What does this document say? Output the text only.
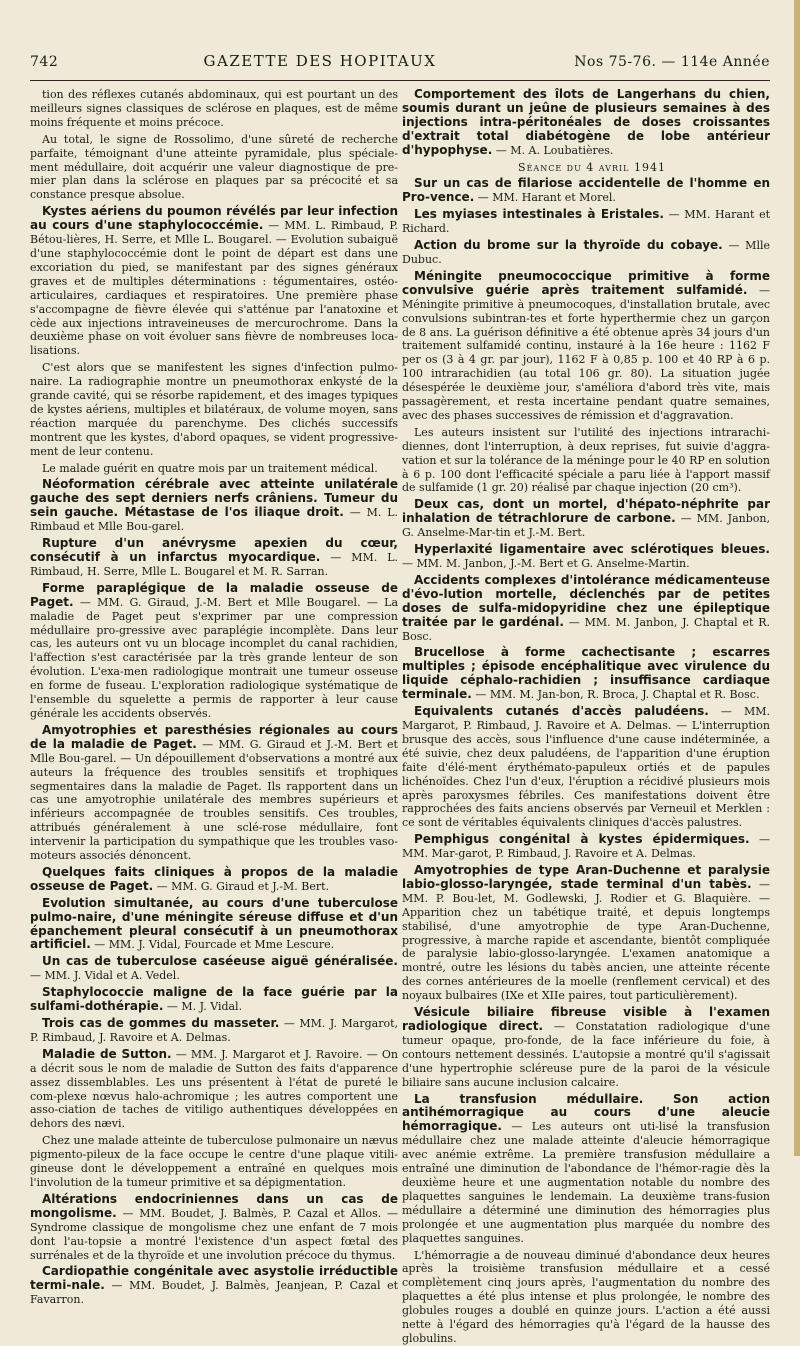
742	GAZETTE DES HOPITAUX	Nos 75-76. — 114e Année

tion des réflexes cutanés abdominaux, qui est pourtant un des meilleurs signes classiques de sclérose en plaques, est de même moins fréquente et moins précoce.

Au total, le signe de Rossolimo, d'une sûreté de recherche parfaite, témoignant d'une atteinte pyramidale, plus spéciale-ment médullaire, doit acquérir une valeur diagnostique de pre-mier plan dans la sclérose en plaques par sa précocité et sa constance presque absolue.

Kystes aériens du poumon révélés par leur infection au cours d'une staphylococcémie. — MM. L. Rimbaud, P. Bétou-lières, H. Serre, et Mlle L. Bougarel. — Evolution subaiguë d'une staphylococcémie dont le point de départ est dans une excoriation du pied, se manifestant par des signes généraux graves et de multiples déterminations : tégumentaires, ostéo-articulaires, cardiaques et respiratoires. Une première phase s'accompagne de fièvre élevée qui s'atténue par l'anatoxine et cède aux injections intraveineuses de mercurochrome. Dans la deuxième phase on voit évoluer sans fièvre de nombreuses loca-lisations.

C'est alors que se manifestent les signes d'infection pulmo-naire. La radiographie montre un pneumothorax enkysté de la grande cavité, qui se résorbe rapidement, et des images typiques de kystes aériens, multiples et bilatéraux, de volume moyen, sans réaction marquée du parenchyme. Des clichés successifs montrent que les kystes, d'abord opaques, se vident progressive-ment de leur contenu.

Le malade guérit en quatre mois par un traitement médical.

Néoformation cérébrale avec atteinte unilatérale gauche des sept derniers nerfs crâniens. Tumeur du sein gauche. Métastase de l'os iliaque droit. — M. L. Rimbaud et Mlle Bou-garel.

Rupture d'un anévrysme apexien du cœur, consécutif à un infarctus myocardique. — MM. L. Rimbaud, H. Serre, Mlle L. Bougarel et M. R. Sarran.

Forme paraplégique de la maladie osseuse de Paget. — MM. G. Giraud, J.-M. Bert et Mlle Bougarel. — La maladie de Paget peut s'exprimer par une compression médullaire pro-gressive avec paraplégie incomplète. Dans leur cas, les auteurs ont vu un blocage incomplet du canal rachidien, l'affection s'est caractérisée par la très grande lenteur de son évolution. L'exa-men radiologique montrait une tumeur osseuse en forme de fuseau. L'exploration radiologique systématique de l'ensemble du squelette a permis de rapporter à leur cause générale les accidents observés.

Amyotrophies et paresthésies régionales au cours de la maladie de Paget. — MM. G. Giraud et J.-M. Bert et Mlle Bou-garel. — Un dépouillement d'observations a montré aux auteurs la fréquence des troubles sensitifs et trophiques segmentaires dans la maladie de Paget. Ils rapportent dans un cas une amyotrophie unilatérale des membres supérieurs et inférieurs accompagnée de troubles sensitifs. Ces troubles, attribués généralement à une sclé-rose médullaire, font intervenir la participation du sympathique que les troubles vaso-moteurs associés dénoncent.

Quelques faits cliniques à propos de la maladie osseuse de Paget. — MM. G. Giraud et J.-M. Bert.

Evolution simultanée, au cours d'une tuberculose pulmo-naire, d'une méningite séreuse diffuse et d'un épanchement pleural consécutif à un pneumothorax artificiel. — MM. J. Vidal, Fourcade et Mme Lescure.

Un cas de tuberculose caséeuse aiguë généralisée. — MM. J. Vidal et A. Vedel.

Staphylococcie maligne de la face guérie par la sulfami-dothérapie. — M. J. Vidal.

Trois cas de gommes du masseter. — MM. J. Margarot, P. Rimbaud, J. Ravoire et A. Delmas.

Maladie de Sutton. — MM. J. Margarot et J. Ravoire. — On a décrit sous le nom de maladie de Sutton des faits d'apparence assez dissemblables. Les uns présentent à l'état de pureté le com-plexe nœvus halo-achromique ; les autres comportent une asso-ciation de taches de vitiligo authentiques développées en dehors des nævi.

Chez une malade atteinte de tuberculose pulmonaire un nævus pigmento-pileux de la face occupe le centre d'une plaque vitili-gineuse dont le développement a entraîné en quelques mois l'involution de la tumeur primitive et sa dépigmentation.

Altérations endocriniennes dans un cas de mongolisme. — MM. Boudet, J. Balmès, P. Cazal et Allos. — Syndrome classique de mongolisme chez une enfant de 7 mois dont l'au-topsie a montré l'existence d'un aspect fœtal des surrénales et de la thyroïde et une involution précoce du thymus.

Cardiopathie congénitale avec asystolie irréductible termi-nale. — MM. Boudet, J. Balmès, Jeanjean, P. Cazal et Favarron.

Comportement des îlots de Langerhans du chien, soumis durant un jeûne de plusieurs semaines à des injections intra-péritonéales de doses croissantes d'extrait total diabétogène de lobe antérieur d'hypophyse. — M. A. Loubatières.

Séance du 4 avril 1941

Sur un cas de filariose accidentelle de l'homme en Pro-vence. — MM. Harant et Morel.

Les myiases intestinales à Eristales. — MM. Harant et Richard.

Action du brome sur la thyroïde du cobaye. — Mlle Dubuc.

Méningite pneumococcique primitive à forme convulsive guérie après traitement sulfamidé. — Méningite primitive à pneumocoques, d'installation brutale, avec convulsions subintran-tes et forte hyperthermie chez un garçon de 8 ans. La guérison définitive a été obtenue après 34 jours d'un traitement sulfamidé continu, instauré à la 16e heure : 1162 F per os (3 à 4 gr. par jour), 1162 F à 0,85 p. 100 et 40 RP à 6 p. 100 intrarachidien (au total 106 gr. 80). La situation jugée désespérée le deuxième jour, s'améliora d'abord très vite, mais passagèrement, et resta incertaine pendant quatre semaines, avec des phases successives de rémission et d'aggravation.

Les auteurs insistent sur l'utilité des injections intrarachi-diennes, dont l'interruption, à deux reprises, fut suivie d'aggra-vation et sur la tolérance de la méninge pour le 40 RP en solution à 6 p. 100 dont l'efficacité spéciale a paru liée à l'apport massif de sulfamide (1 gr. 20) réalisé par chaque injection (20 cm³).

Deux cas, dont un mortel, d'hépato-néphrite par inhalation de tétrachlorure de carbone. — MM. Janbon, G. Anselme-Mar-tin et J.-M. Bert.

Hyperlaxité ligamentaire avec sclérotiques bleues. — MM. M. Janbon, J.-M. Bert et G. Anselme-Martin.

Accidents complexes d'intolérance médicamenteuse d'évo-lution mortelle, déclenchés par de petites doses de sulfa-midopyridine chez une épileptique traitée par le gardénal. — MM. M. Janbon, J. Chaptal et R. Bosc.

Brucellose à forme cachectisante ; escarres multiples ; épisode encéphalitique avec virulence du liquide céphalo-rachidien ; insuffisance cardiaque terminale. — MM. M. Jan-bon, R. Broca, J. Chaptal et R. Bosc.

Equivalents cutanés d'accès paludéens. — MM. Margarot, P. Rimbaud, J. Ravoire et A. Delmas. — L'interruption brusque des accès, sous l'influence d'une cause indéterminée, a été suivie, chez deux paludéens, de l'apparition d'une éruption faite d'élé-ment érythémato-papuleux ortiés et de papules lichénoïdes. Chez l'un d'eux, l'éruption a récidivé plusieurs mois après paroxysmes fébriles. Ces manifestations doivent être rapprochées des faits anciens observés par Verneuil et Merklen : ce sont de véritables équivalents cliniques d'accès palustres.

Pemphigus congénital à kystes épidermiques. — MM. Mar-garot, P. Rimbaud, J. Ravoire et A. Delmas.

Amyotrophies de type Aran-Duchenne et paralysie labio-glosso-laryngée, stade terminal d'un tabès. — MM. P. Bou-let, M. Godlewski, J. Rodier et G. Blaquière. — Apparition chez un tabétique traité, et depuis longtemps stabilisé, d'une amyotrophie de type Aran-Duchenne, progressive, à marche rapide et ascendante, bientôt compliquée de paralysie labio-glosso-laryngée. L'examen anatomique a montré, outre les lésions du tabès ancien, une atteinte récente des cornes antérieures de la moelle (renflement cervical) et des noyaux bulbaires (IXe et XIIe paires, tout particulièrement).

Vésicule biliaire fibreuse visible à l'examen radiologique direct. — Constatation radiologique d'une tumeur opaque, pro-fonde, de la face inférieure du foie, à contours nettement dessinés. L'autopsie a montré qu'il s'agissait d'une hypertrophie scléreuse pure de la paroi de la vésicule biliaire sans aucune inclusion calcaire.

La transfusion médullaire. Son action antihémorragique au cours d'une aleucie hémorragique. — Les auteurs ont uti-lisé la transfusion médullaire chez une malade atteinte d'aleucie hémorragique avec anémie extrême. La première transfusion médullaire a entraîné une diminution de l'abondance de l'hémor-ragie dès la deuxième heure et une augmentation notable du nombre des plaquettes sanguines le lendemain. La deuxième trans-fusion médullaire a déterminé une diminution des hémorragies plus prolongée et une augmentation plus marquée du nombre des plaquettes sanguines.

L'hémorragie a de nouveau diminué d'abondance deux heures après la troisième transfusion médullaire et a cessé complètement cinq jours après, l'augmentation du nombre des plaquettes a été plus intense et plus prolongée, le nombre des globules rouges a doublé en quinze jours. L'action a été aussi nette à l'égard des hémorragies qu'à l'égard de la hausse des globulins.
